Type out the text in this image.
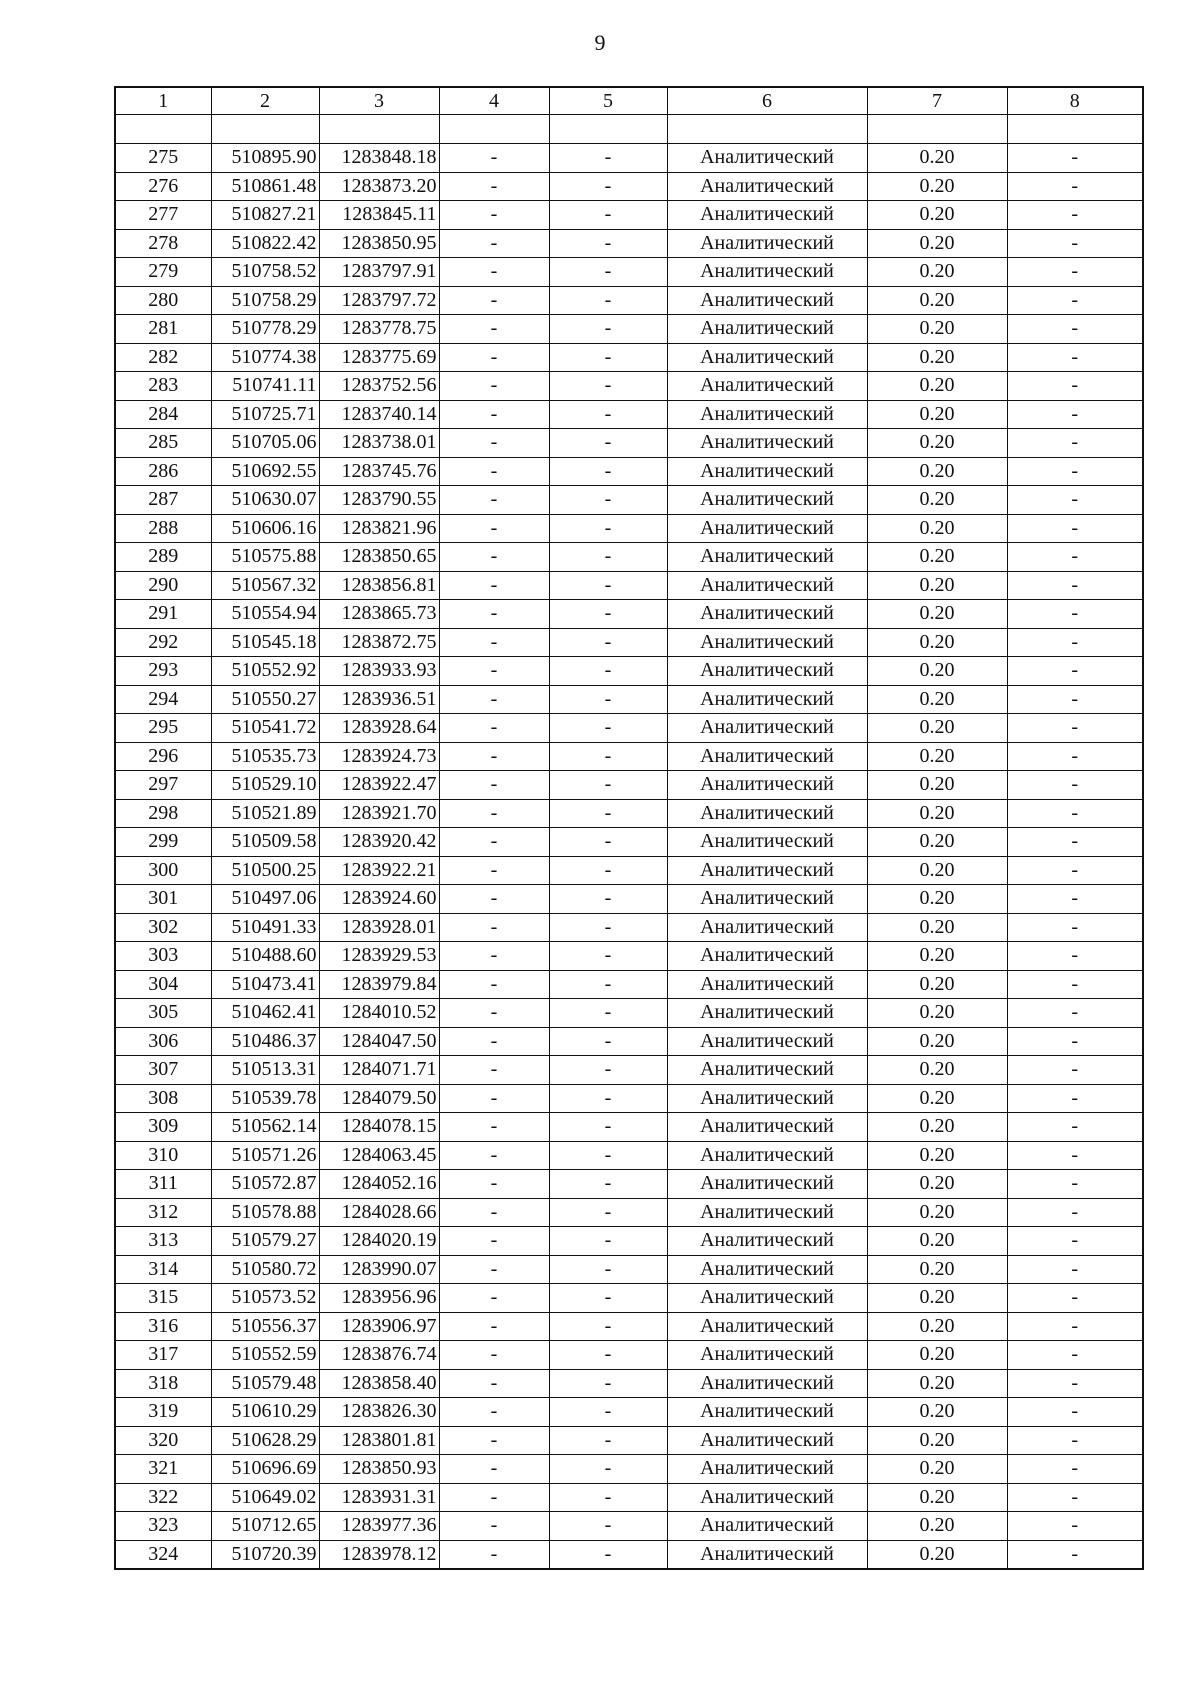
9
1	2	3	4	5	6	7	8

275	510895.90	1283848.18	-	-	Аналитический	0.20	-
276	510861.48	1283873.20	-	-	Аналитический	0.20	-
277	510827.21	1283845.11	-	-	Аналитический	0.20	-
278	510822.42	1283850.95	-	-	Аналитический	0.20	-
279	510758.52	1283797.91	-	-	Аналитический	0.20	-
280	510758.29	1283797.72	-	-	Аналитический	0.20	-
281	510778.29	1283778.75	-	-	Аналитический	0.20	-
282	510774.38	1283775.69	-	-	Аналитический	0.20	-
283	510741.11	1283752.56	-	-	Аналитический	0.20	-
284	510725.71	1283740.14	-	-	Аналитический	0.20	-
285	510705.06	1283738.01	-	-	Аналитический	0.20	-
286	510692.55	1283745.76	-	-	Аналитический	0.20	-
287	510630.07	1283790.55	-	-	Аналитический	0.20	-
288	510606.16	1283821.96	-	-	Аналитический	0.20	-
289	510575.88	1283850.65	-	-	Аналитический	0.20	-
290	510567.32	1283856.81	-	-	Аналитический	0.20	-
291	510554.94	1283865.73	-	-	Аналитический	0.20	-
292	510545.18	1283872.75	-	-	Аналитический	0.20	-
293	510552.92	1283933.93	-	-	Аналитический	0.20	-
294	510550.27	1283936.51	-	-	Аналитический	0.20	-
295	510541.72	1283928.64	-	-	Аналитический	0.20	-
296	510535.73	1283924.73	-	-	Аналитический	0.20	-
297	510529.10	1283922.47	-	-	Аналитический	0.20	-
298	510521.89	1283921.70	-	-	Аналитический	0.20	-
299	510509.58	1283920.42	-	-	Аналитический	0.20	-
300	510500.25	1283922.21	-	-	Аналитический	0.20	-
301	510497.06	1283924.60	-	-	Аналитический	0.20	-
302	510491.33	1283928.01	-	-	Аналитический	0.20	-
303	510488.60	1283929.53	-	-	Аналитический	0.20	-
304	510473.41	1283979.84	-	-	Аналитический	0.20	-
305	510462.41	1284010.52	-	-	Аналитический	0.20	-
306	510486.37	1284047.50	-	-	Аналитический	0.20	-
307	510513.31	1284071.71	-	-	Аналитический	0.20	-
308	510539.78	1284079.50	-	-	Аналитический	0.20	-
309	510562.14	1284078.15	-	-	Аналитический	0.20	-
310	510571.26	1284063.45	-	-	Аналитический	0.20	-
311	510572.87	1284052.16	-	-	Аналитический	0.20	-
312	510578.88	1284028.66	-	-	Аналитический	0.20	-
313	510579.27	1284020.19	-	-	Аналитический	0.20	-
314	510580.72	1283990.07	-	-	Аналитический	0.20	-
315	510573.52	1283956.96	-	-	Аналитический	0.20	-
316	510556.37	1283906.97	-	-	Аналитический	0.20	-
317	510552.59	1283876.74	-	-	Аналитический	0.20	-
318	510579.48	1283858.40	-	-	Аналитический	0.20	-
319	510610.29	1283826.30	-	-	Аналитический	0.20	-
320	510628.29	1283801.81	-	-	Аналитический	0.20	-
321	510696.69	1283850.93	-	-	Аналитический	0.20	-
322	510649.02	1283931.31	-	-	Аналитический	0.20	-
323	510712.65	1283977.36	-	-	Аналитический	0.20	-
324	510720.39	1283978.12	-	-	Аналитический	0.20	-
